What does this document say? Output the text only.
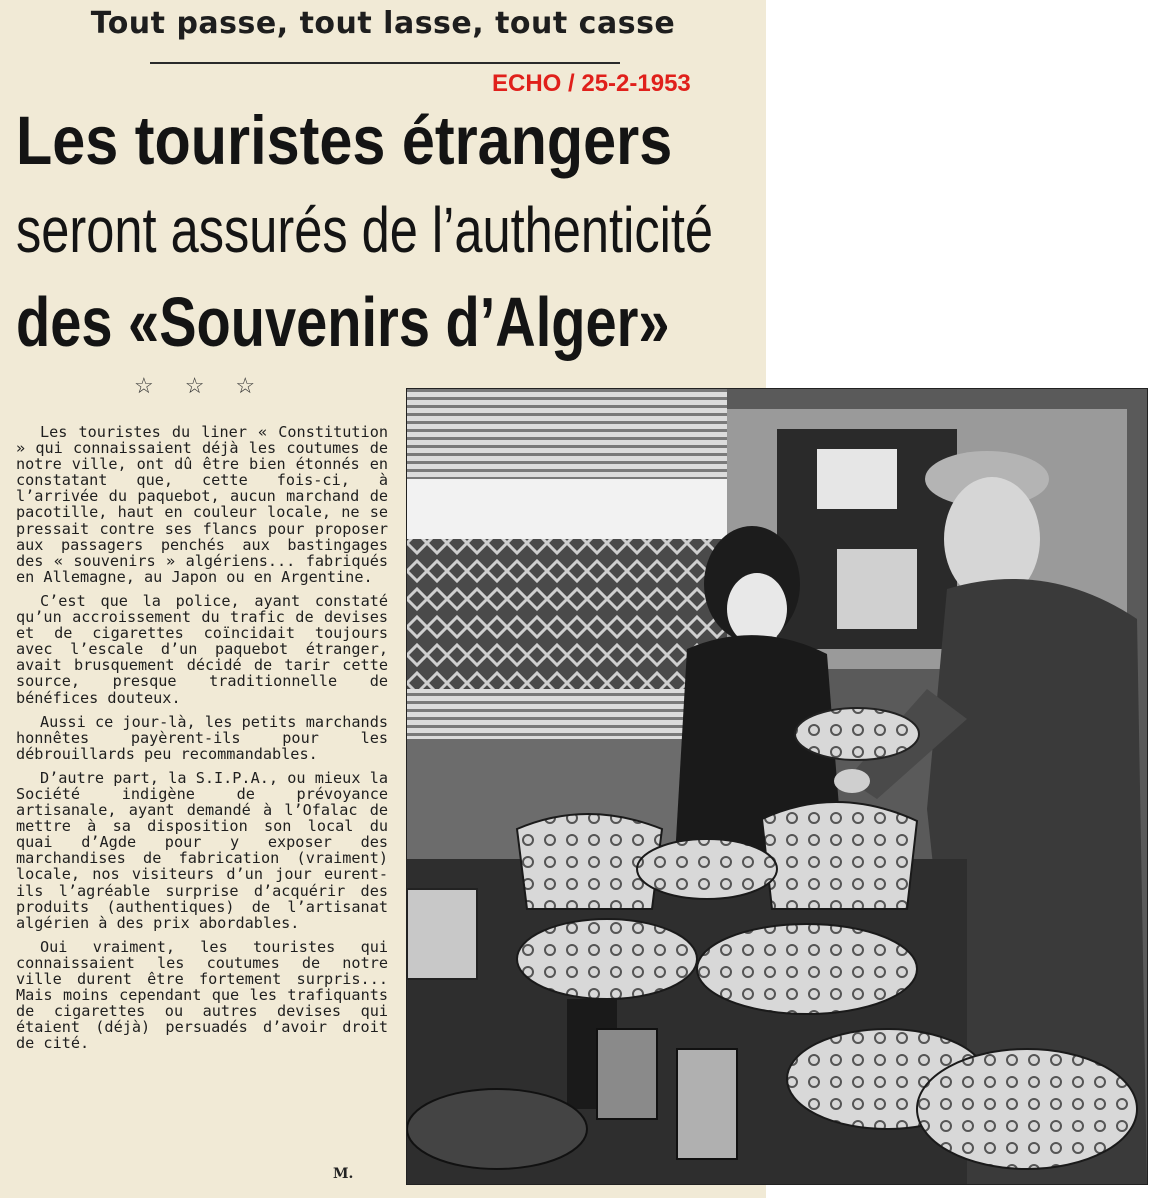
Tout passe, tout lasse, tout casse
ECHO / 25-2-1953
Les touristes étrangers
seront assurés de l’authenticité
des «Souvenirs d’Alger»
☆ ☆ ☆

Les touristes du liner « Constitution » qui connaissaient déjà les coutumes de notre ville, ont dû être bien étonnés en constatant que, cette fois-ci, à l’arrivée du paquebot, aucun marchand de pacotille, haut en couleur locale, ne se pressait contre ses flancs pour proposer aux passagers penchés aux bastingages des « souvenirs » algériens... fabriqués en Allemagne, au Japon ou en Argentine.

C’est que la police, ayant constaté qu’un accroissement du trafic de devises et de cigarettes coïncidait toujours avec l’escale d’un paquebot étranger, avait brusquement décidé de tarir cette source, presque traditionnelle de bénéfices douteux.

Aussi ce jour-là, les petits marchands honnêtes payèrent-ils pour les débrouillards peu recommandables.

D’autre part, la S.I.P.A., ou mieux la Société indigène de prévoyance artisanale, ayant demandé à l’Ofalac de mettre à sa disposition son local du quai d’Agde pour y exposer des marchandises de fabrication (vraiment) locale, nos visiteurs d’un jour eurent-ils l’agréable surprise d’acquérir des produits (authentiques) de l’artisanat algérien à des prix abordables.

Oui vraiment, les touristes qui connaissaient les coutumes de notre ville durent être fortement surpris... Mais moins cependant que les trafiquants de cigarettes ou autres devises qui étaient (déjà) persuadés d’avoir droit de cité.

M.
